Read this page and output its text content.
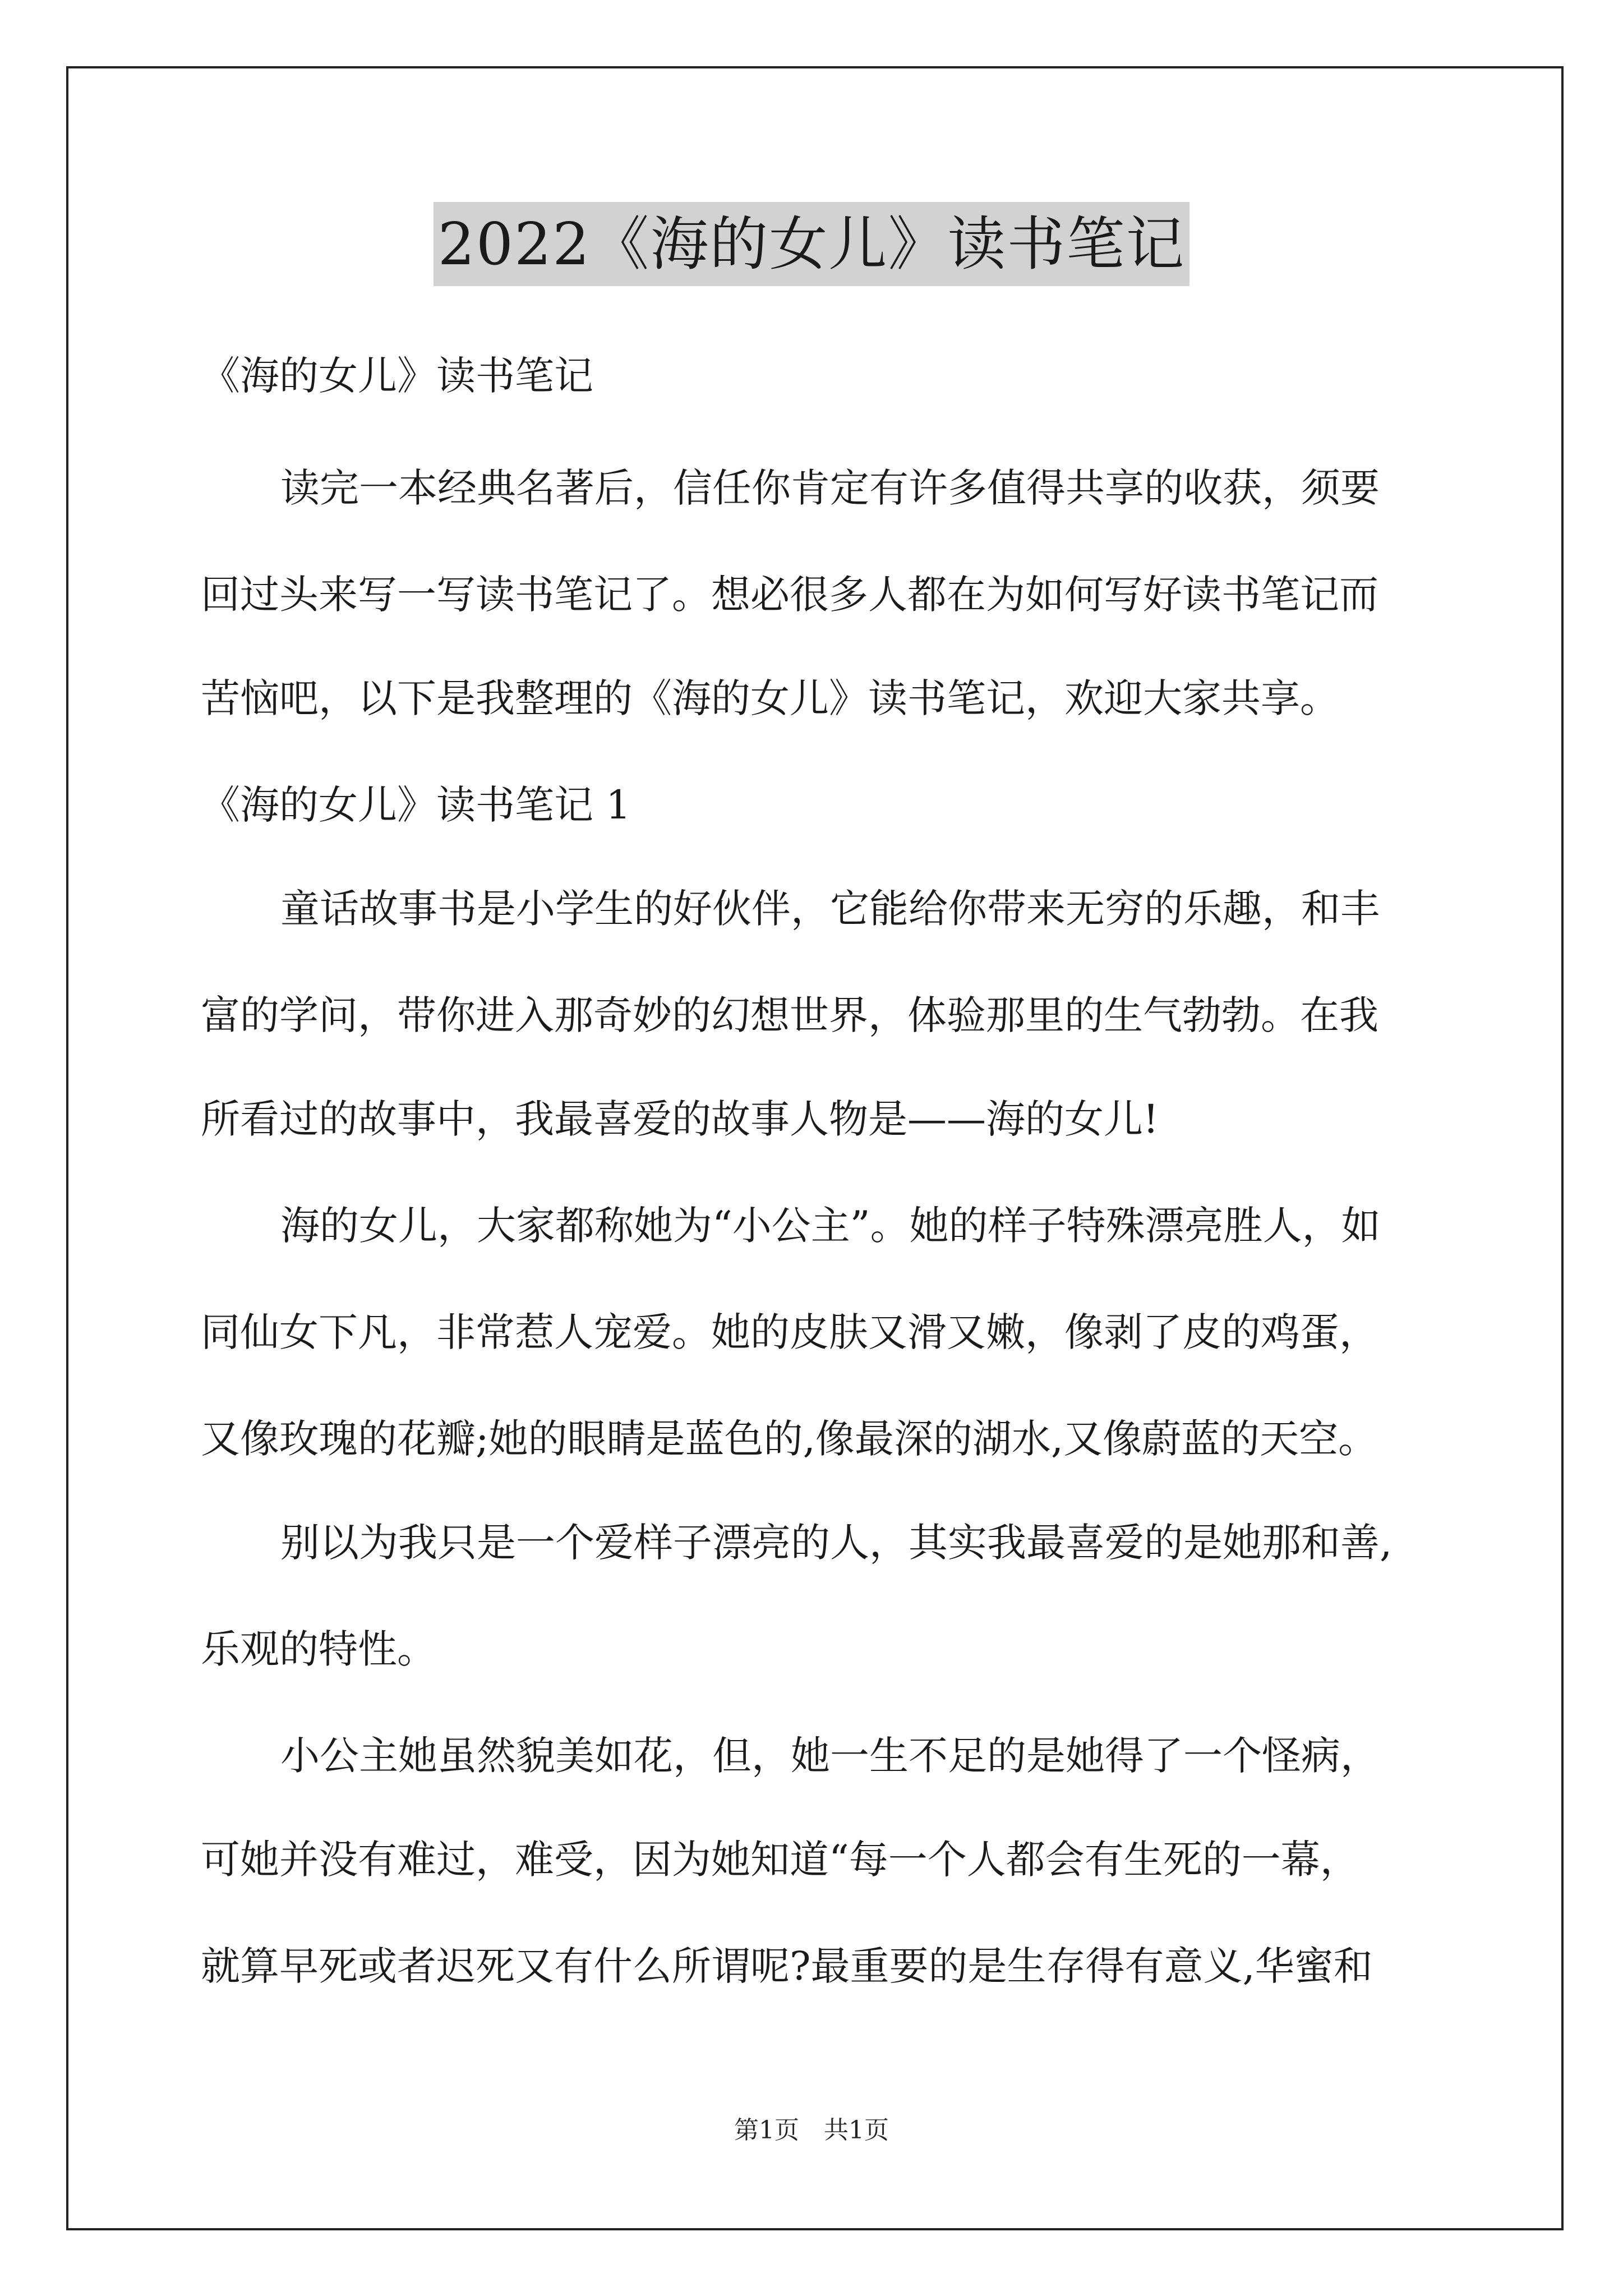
2022《海的女儿》读书笔记
《海的女儿》读书笔记
读完一本经典名著后，信任你肯定有许多值得共享的收获，须要
回过头来写一写读书笔记了。想必很多人都在为如何写好读书笔记而
苦恼吧，以下是我整理的《海的女儿》读书笔记，欢迎大家共享。
《海的女儿》读书笔记 1
童话故事书是小学生的好伙伴，它能给你带来无穷的乐趣，和丰
富的学问，带你进入那奇妙的幻想世界，体验那里的生气勃勃。在我
所看过的故事中，我最喜爱的故事人物是——海的女儿!
海的女儿，大家都称她为“小公主”。她的样子特殊漂亮胜人，如
同仙女下凡，非常惹人宠爱。她的皮肤又滑又嫩，像剥了皮的鸡蛋，
又像玫瑰的花瓣;她的眼睛是蓝色的,像最深的湖水,又像蔚蓝的天空。
别以为我只是一个爱样子漂亮的人，其实我最喜爱的是她那和善,
乐观的特性。
小公主她虽然貌美如花，但，她一生不足的是她得了一个怪病，
可她并没有难过，难受，因为她知道“每一个人都会有生死的一幕，
就算早死或者迟死又有什么所谓呢?最重要的是生存得有意义,华蜜和
第1页 共1页
